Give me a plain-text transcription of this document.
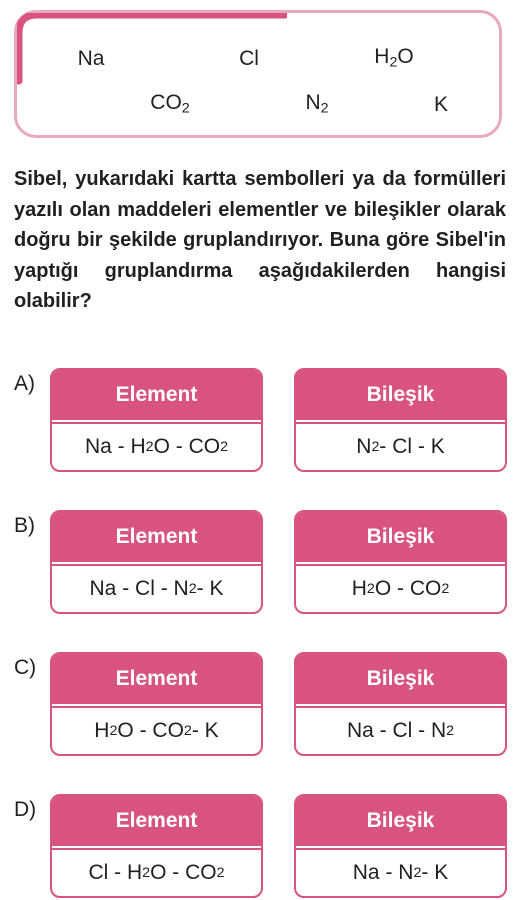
Na	Cl	$H_2O$
$CO_2$	$N_2$	K
Sibel, yukarıdaki kartta sembolleri ya da formülleri yazılı olan maddeleri elementler ve bileşikler olarak doğru bir şekilde gruplandırıyor. Buna göre Sibel'in yaptığı gruplandırma aşağıdakilerden hangisi olabilir?
A)	Element
Na - H 2 O - CO 2
Bileşik
N 2 - Cl - K
B)	Element
Na - Cl - N 2 - K
Bileşik
H 2 O - CO 2
C)	Element
H 2 O - CO 2 - K
Bileşik
Na - Cl - N 2
D)	Element
Cl - H 2 O - CO 2
Bileşik
Na - N 2 - K
